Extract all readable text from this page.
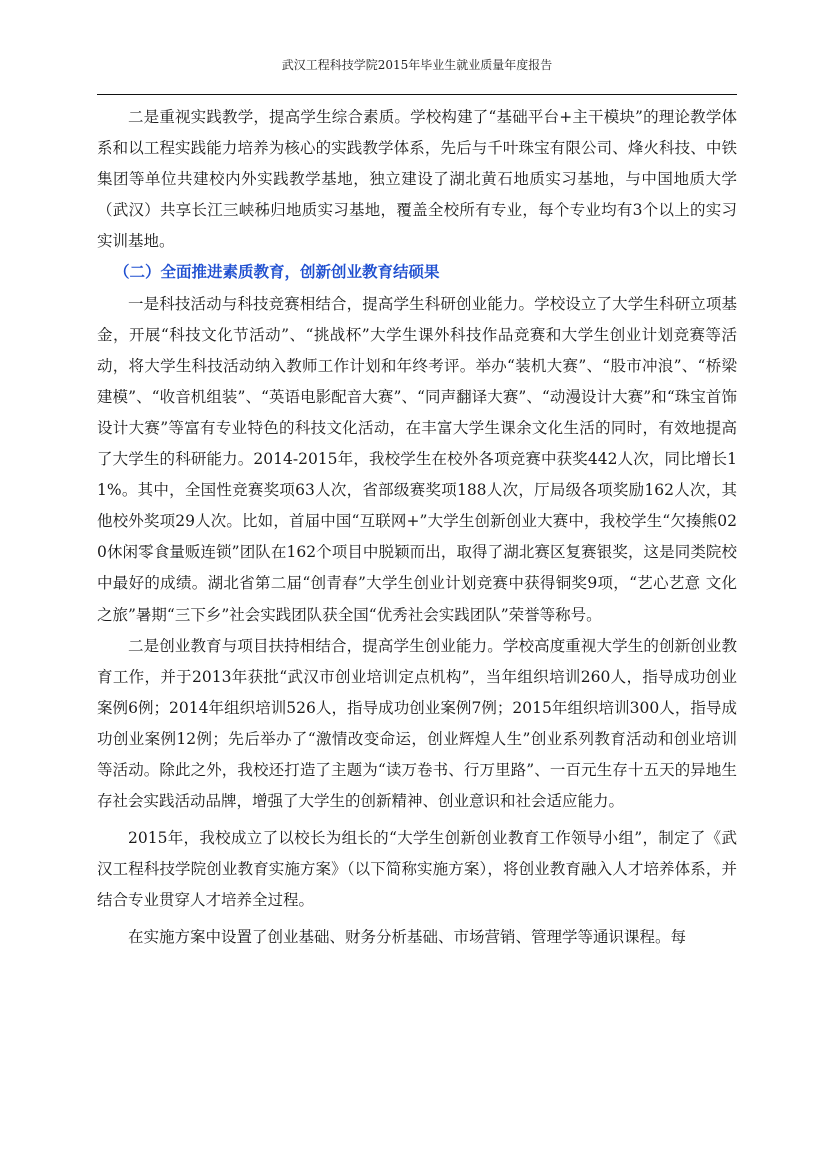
武汉工程科技学院2015年毕业生就业质量年度报告

二是重视实践教学，提高学生综合素质。学校构建了“基础平台+主干模块”的理论教学体系和以工程实践能力培养为核心的实践教学体系，先后与千叶珠宝有限公司、烽火科技、中铁集团等单位共建校内外实践教学基地，独立建设了湖北黄石地质实习基地，与中国地质大学（武汉）共享长江三峡秭归地质实习基地，覆盖全校所有专业，每个专业均有3个以上的实习实训基地。

（二）全面推进素质教育，创新创业教育结硕果

一是科技活动与科技竞赛相结合，提高学生科研创业能力。学校设立了大学生科研立项基金，开展“科技文化节活动”、“挑战杯”大学生课外科技作品竞赛和大学生创业计划竞赛等活动，将大学生科技活动纳入教师工作计划和年终考评。举办“装机大赛”、“股市冲浪”、“桥梁建模”、“收音机组装”、“英语电影配音大赛”、“同声翻译大赛”、“动漫设计大赛”和“珠宝首饰设计大赛”等富有专业特色的科技文化活动，在丰富大学生课余文化生活的同时，有效地提高了大学生的科研能力。2014-2015年，我校学生在校外各项竞赛中获奖442人次，同比增长11%。其中，全国性竞赛奖项63人次，省部级赛奖项188人次，厅局级各项奖励162人次，其他校外奖项29人次。比如，首届中国“互联网+”大学生创新创业大赛中，我校学生“欠揍熊020休闲零食量贩连锁”团队在162个项目中脱颖而出，取得了湖北赛区复赛银奖，这是同类院校中最好的成绩。湖北省第二届“创青春”大学生创业计划竞赛中获得铜奖9项，“艺心艺意 文化之旅”暑期“三下乡”社会实践团队获全国“优秀社会实践团队”荣誉等称号。

二是创业教育与项目扶持相结合，提高学生创业能力。学校高度重视大学生的创新创业教育工作，并于2013年获批“武汉市创业培训定点机构”，当年组织培训260人，指导成功创业案例6例；2014年组织培训526人，指导成功创业案例7例；2015年组织培训300人，指导成功创业案例12例；先后举办了“激情改变命运，创业辉煌人生”创业系列教育活动和创业培训等活动。除此之外，我校还打造了主题为“读万卷书、行万里路”、一百元生存十五天的异地生存社会实践活动品牌，增强了大学生的创新精神、创业意识和社会适应能力。

2015年，我校成立了以校长为组长的“大学生创新创业教育工作领导小组”，制定了《武汉工程科技学院创业教育实施方案》（以下简称实施方案），将创业教育融入人才培养体系，并结合专业贯穿人才培养全过程。

在实施方案中设置了创业基础、财务分析基础、市场营销、管理学等通识课程。每
